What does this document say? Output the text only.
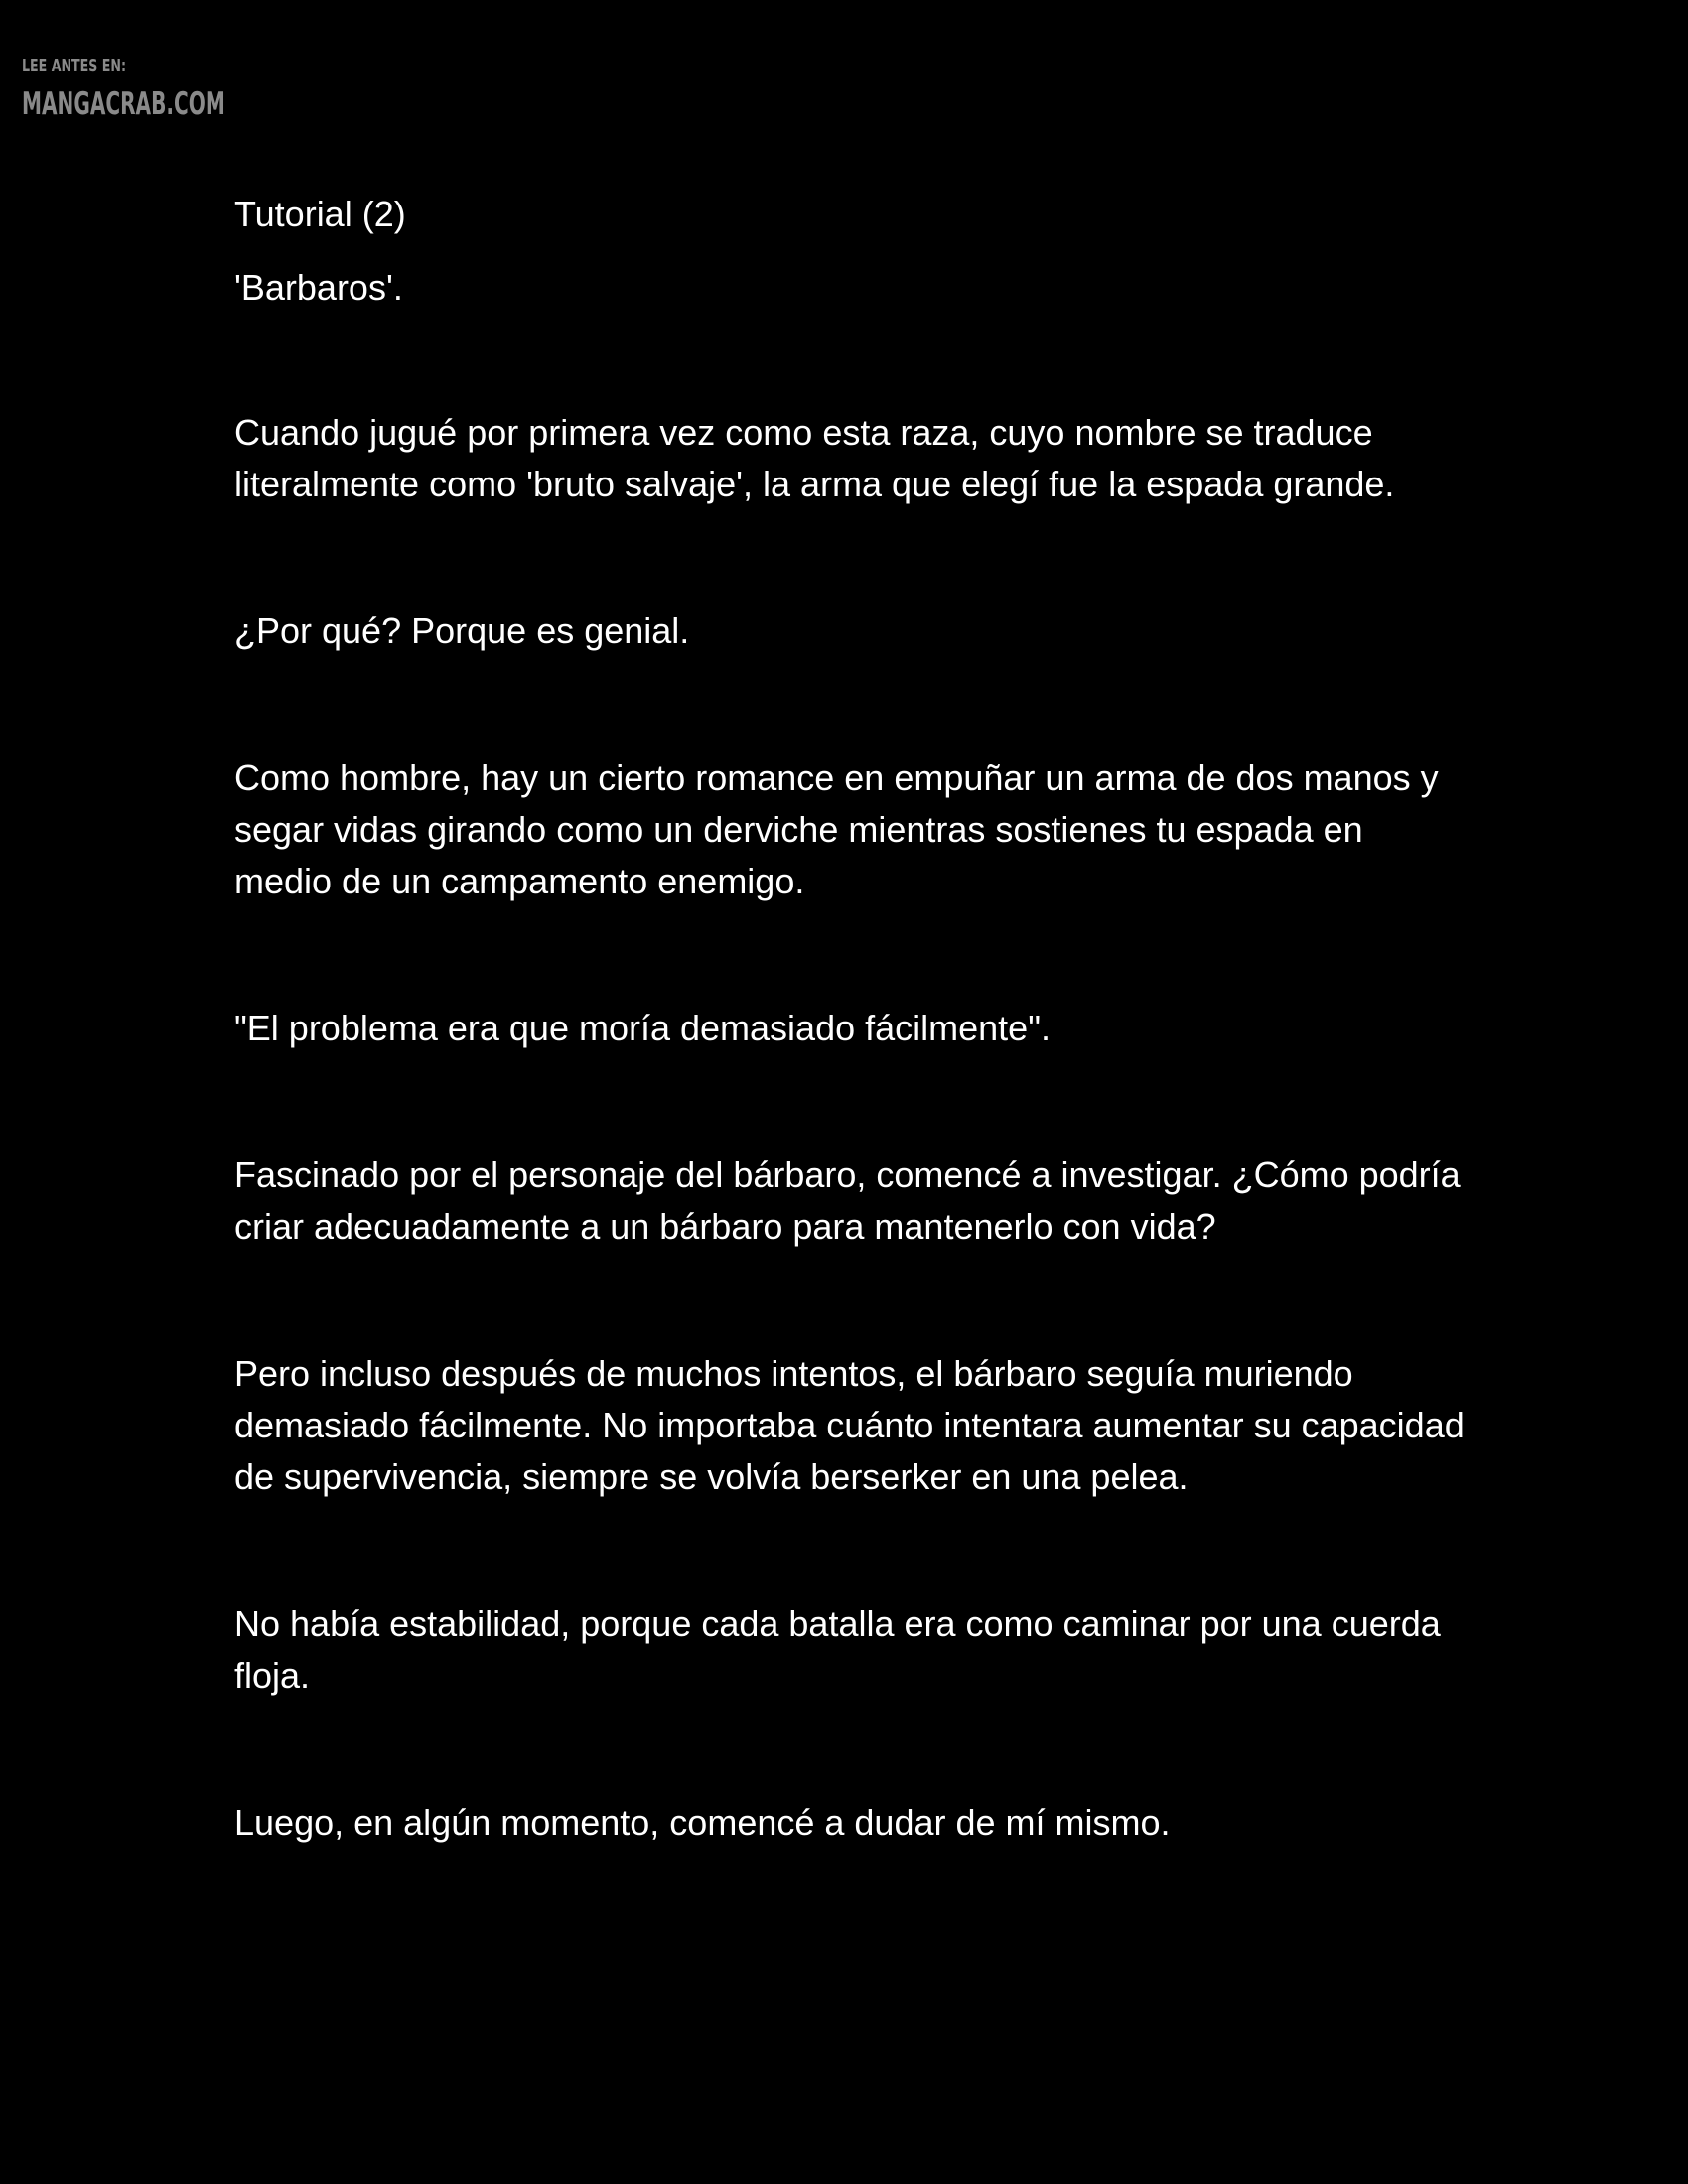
LEE ANTES EN:
MANGACRAB.COM

Tutorial (2)

'Barbaros'.

Cuando jugué por primera vez como esta raza, cuyo nombre se traduce literalmente como 'bruto salvaje', la arma que elegí fue la espada grande.

¿Por qué? Porque es genial.

Como hombre, hay un cierto romance en empuñar un arma de dos manos y segar vidas girando como un derviche mientras sostienes tu espada en medio de un campamento enemigo.

"El problema era que moría demasiado fácilmente".

Fascinado por el personaje del bárbaro, comencé a investigar. ¿Cómo podría criar adecuadamente a un bárbaro para mantenerlo con vida?

Pero incluso después de muchos intentos, el bárbaro seguía muriendo demasiado fácilmente. No importaba cuánto intentara aumentar su capacidad de supervivencia, siempre se volvía berserker en una pelea.

No había estabilidad, porque cada batalla era como caminar por una cuerda floja.

Luego, en algún momento, comencé a dudar de mí mismo.
